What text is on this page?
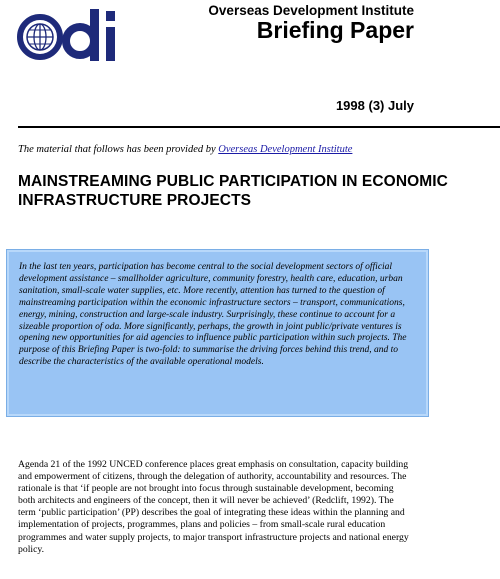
Overseas Development Institute
Briefing Paper
1998 (3) July
The material that follows has been provided by Overseas Development Institute
MAINSTREAMING PUBLIC PARTICIPATION IN ECONOMIC INFRASTRUCTURE PROJECTS
In the last ten years, participation has become central to the social development sectors of official development assistance – smallholder agriculture, community forestry, health care, education, urban sanitation, small-scale water supplies, etc. More recently, attention has turned to the question of mainstreaming participation within the economic infrastructure sectors – transport, communications, energy, mining, construction and large-scale industry. Surprisingly, these continue to account for a sizeable proportion of oda. More significantly, perhaps, the growth in joint public/private ventures is opening new opportunities for aid agencies to influence public participation within such projects. The purpose of this Briefing Paper is two-fold: to summarise the driving forces behind this trend, and to describe the characteristics of the available operational models.
Agenda 21 of the 1992 UNCED conference places great emphasis on consultation, capacity building and empowerment of citizens, through the delegation of authority, accountability and resources. The rationale is that ‘if people are not brought into focus through sustainable development, becoming both architects and engineers of the concept, then it will never be achieved’ (Redclift, 1992). The term ‘public participation’ (PP) describes the goal of integrating these ideas within the planning and implementation of projects, programmes, plans and policies – from small-scale rural education programmes and water supply projects, to major transport infrastructure projects and national energy policy.
